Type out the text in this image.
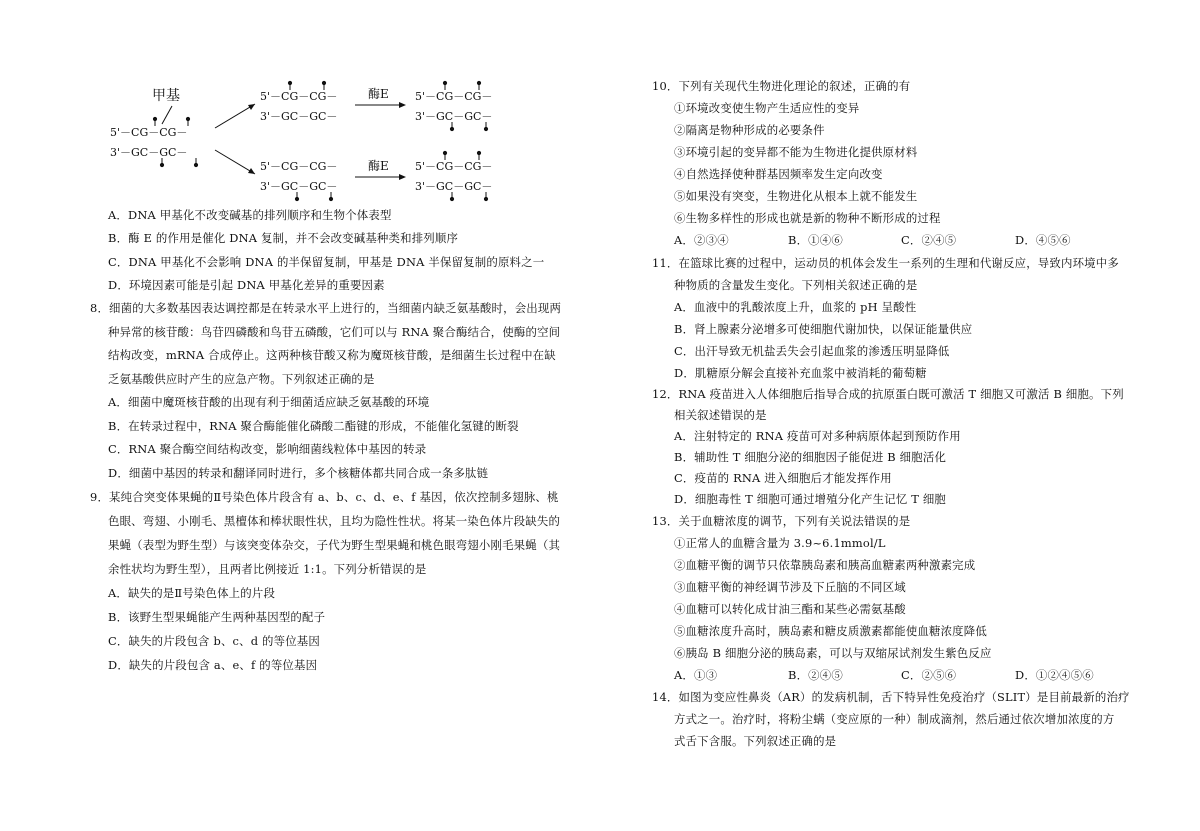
甲基
5'－CG－CG－
3'－GC－GC－
5'－CG－CG－
3'－GC－GC－
酶E 5'－CG－CG－
3'－GC－GC－
5'－CG－CG－
3'－GC－GC－
酶E 5'－CG－CG－
3'－GC－GC－
A．DNA 甲基化不改变碱基的排列顺序和生物个体表型
B．酶 E 的作用是催化 DNA 复制，并不会改变碱基种类和排列顺序
C．DNA 甲基化不会影响 DNA 的半保留复制，甲基是 DNA 半保留复制的原料之一
D．环境因素可能是引起 DNA 甲基化差异的重要因素
8．细菌的大多数基因表达调控都是在转录水平上进行的，当细菌内缺乏氨基酸时，会出现两
种异常的核苷酸：鸟苷四磷酸和鸟苷五磷酸，它们可以与 RNA 聚合酶结合，使酶的空间
结构改变，mRNA 合成停止。这两种核苷酸又称为魔斑核苷酸，是细菌生长过程中在缺
乏氨基酸供应时产生的应急产物。下列叙述正确的是
A．细菌中魔斑核苷酸的出现有利于细菌适应缺乏氨基酸的环境
B．在转录过程中，RNA 聚合酶能催化磷酸二酯键的形成，不能催化氢键的断裂
C．RNA 聚合酶空间结构改变，影响细菌线粒体中基因的转录
D．细菌中基因的转录和翻译同时进行，多个核糖体都共同合成一条多肽链
9．某纯合突变体果蝇的Ⅱ号染色体片段含有 a、b、c、d、e、f 基因，依次控制多翅脉、桃
色眼、弯翅、小刚毛、黑檀体和棒状眼性状，且均为隐性性状。将某一染色体片段缺失的
果蝇（表型为野生型）与该突变体杂交，子代为野生型果蝇和桃色眼弯翅小刚毛果蝇（其
余性状均为野生型），且两者比例接近 1:1。下列分析错误的是
A．缺失的是Ⅱ号染色体上的片段
B．该野生型果蝇能产生两种基因型的配子
C．缺失的片段包含 b、c、d 的等位基因
D．缺失的片段包含 a、e、f 的等位基因
10．下列有关现代生物进化理论的叙述，正确的有
①环境改变使生物产生适应性的变异
②隔离是物种形成的必要条件
③环境引起的变异都不能为生物进化提供原材料
④自然选择使种群基因频率发生定向改变
⑤如果没有突变，生物进化从根本上就不能发生
⑥生物多样性的形成也就是新的物种不断形成的过程
A．②③④	B．①④⑥	C．②④⑤	D．④⑤⑥
11．在篮球比赛的过程中，运动员的机体会发生一系列的生理和代谢反应，导致内环境中多
种物质的含量发生变化。下列相关叙述正确的是
A．血液中的乳酸浓度上升，血浆的 pH 呈酸性
B．肾上腺素分泌增多可使细胞代谢加快，以保证能量供应
C．出汗导致无机盐丢失会引起血浆的渗透压明显降低
D．肌糖原分解会直接补充血浆中被消耗的葡萄糖
12．RNA 疫苗进入人体细胞后指导合成的抗原蛋白既可激活 T 细胞又可激活 B 细胞。下列
相关叙述错误的是
A．注射特定的 RNA 疫苗可对多种病原体起到预防作用
B．辅助性 T 细胞分泌的细胞因子能促进 B 细胞活化
C．疫苗的 RNA 进入细胞后才能发挥作用
D．细胞毒性 T 细胞可通过增殖分化产生记忆 T 细胞
13．关于血糖浓度的调节，下列有关说法错误的是
①正常人的血糖含量为 3.9~6.1mmol/L
②血糖平衡的调节只依靠胰岛素和胰高血糖素两种激素完成
③血糖平衡的神经调节涉及下丘脑的不同区域
④血糖可以转化成甘油三酯和某些必需氨基酸
⑤血糖浓度升高时，胰岛素和糖皮质激素都能使血糖浓度降低
⑥胰岛 B 细胞分泌的胰岛素，可以与双缩尿试剂发生紫色反应
A．①③	B．②④⑤	C．②⑤⑥	D．①②④⑤⑥
14．如图为变应性鼻炎（AR）的发病机制，舌下特异性免疫治疗（SLIT）是目前最新的治疗
方式之一。治疗时，将粉尘螨（变应原的一种）制成滴剂，然后通过依次增加浓度的方
式舌下含服。下列叙述正确的是
